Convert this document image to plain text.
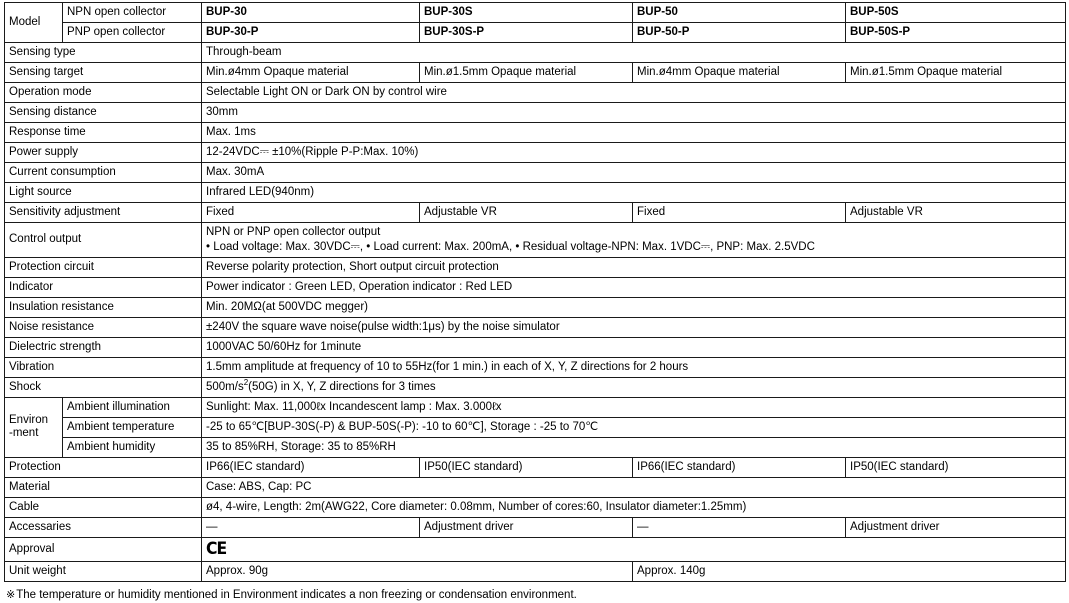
Model	NPN open collector	BUP-30	BUP-30S	BUP-50	BUP-50S
	PNP open collector	BUP-30-P	BUP-30S-P	BUP-50-P	BUP-50S-P
Sensing type		Through-beam			
Sensing target		Min.ø4mm Opaque material	Min.ø1.5mm Opaque material	Min.ø4mm Opaque material	Min.ø1.5mm Opaque material
Operation mode		Selectable Light ON or Dark ON by control wire			
Sensing distance		30mm			
Response time		Max. 1ms			
Power supply		12-24VDC⎓ ±10%(Ripple P-P:Max. 10%)			
Current consumption		Max. 30mA			
Light source		Infrared LED(940nm)			
Sensitivity adjustment		Fixed	Adjustable VR	Fixed	Adjustable VR
Control output		NPN or PNP open collector output
• Load voltage: Max. 30VDC⎓, • Load current: Max. 200mA, • Residual voltage-NPN: Max. 1VDC⎓, PNP: Max. 2.5VDC			

Protection circuit		Reverse polarity protection, Short output circuit protection			
Indicator		Power indicator : Green LED, Operation indicator : Red LED			
Insulation resistance		Min. 20MΩ(at 500VDC megger)			
Noise resistance		±240V the square wave noise(pulse width:1μs) by the noise simulator			
Dielectric strength		1000VAC 50/60Hz for 1minute			
Vibration		1.5mm amplitude at frequency of 10 to 55Hz(for 1 min.) in each of X, Y, Z directions for 2 hours			
Shock		$500m/s^2(50G)$ in X, Y, Z directions for 3 times			
Environ
-ment	Ambient illumination	Sunlight: Max. 11,000ℓx Incandescent lamp : Max. 3.000ℓx			
	Ambient temperature	-25 to 65℃[BUP-30S(-P) & BUP-50S(-P): -10 to 60℃], Storage : -25 to 70℃			
	Ambient humidity	35 to 85%RH, Storage: 35 to 85%RH			
Protection		IP66(IEC standard)	IP50(IEC standard)	IP66(IEC standard)	IP50(IEC standard)
Material		Case: ABS, Cap: PC			
Cable		ø4, 4-wire, Length: 2m(AWG22, Core diameter: 0.08mm, Number of cores:60, Insulator diameter:1.25mm)			
Accessaries		—	Adjustment driver	—	Adjustment driver
Approval		CE			
Unit weight		Approx. 90g		Approx. 140g	
※The temperature or humidity mentioned in Environment indicates a non freezing or condensation environment.
